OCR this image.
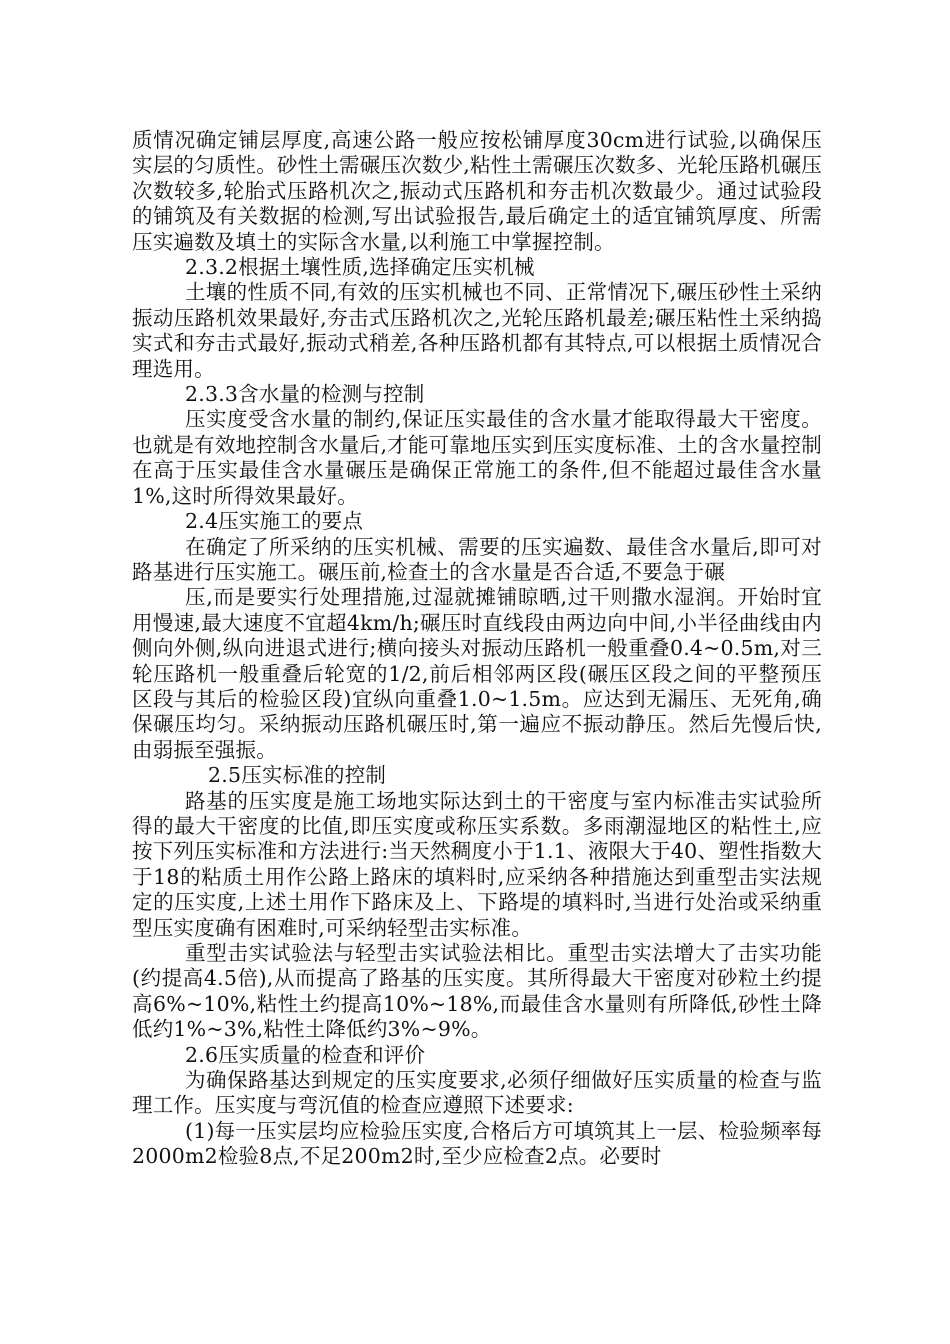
质情况确定铺层厚度,高速公路一般应按松铺厚度30cm进行试验,以确保压实层的匀质性。砂性土需碾压次数少,粘性土需碾压次数多、光轮压路机碾压次数较多,轮胎式压路机次之,振动式压路机和夯击机次数最少。通过试验段的铺筑及有关数据的检测,写出试验报告,最后确定土的适宜铺筑厚度、所需压实遍数及填土的实际含水量,以利施工中掌握控制。

2.3.2根据土壤性质,选择确定压实机械

土壤的性质不同,有效的压实机械也不同、正常情况下,碾压砂性土采纳振动压路机效果最好,夯击式压路机次之,光轮压路机最差;碾压粘性土采纳捣实式和夯击式最好,振动式稍差,各种压路机都有其特点,可以根据土质情况合理选用。

2.3.3含水量的检测与控制

压实度受含水量的制约,保证压实最佳的含水量才能取得最大干密度。也就是有效地控制含水量后,才能可靠地压实到压实度标准、土的含水量控制在高于压实最佳含水量碾压是确保正常施工的条件,但不能超过最佳含水量1%,这时所得效果最好。

2.4压实施工的要点

在确定了所采纳的压实机械、需要的压实遍数、最佳含水量后,即可对路基进行压实施工。碾压前,检查土的含水量是否合适,不要急于碾

压,而是要实行处理措施,过湿就摊铺晾晒,过干则撒水湿润。开始时宜用慢速,最大速度不宜超4km/h;碾压时直线段由两边向中间,小半径曲线由内侧向外侧,纵向进退式进行;横向接头对振动压路机一般重叠0.4~0.5m,对三轮压路机一般重叠后轮宽的1/2,前后相邻两区段(碾压区段之间的平整预压区段与其后的检验区段)宜纵向重叠1.0~1.5m。应达到无漏压、无死角,确保碾压均匀。采纳振动压路机碾压时,第一遍应不振动静压。然后先慢后快,由弱振至强振。

2.5压实标准的控制

路基的压实度是施工场地实际达到土的干密度与室内标准击实试验所得的最大干密度的比值,即压实度或称压实系数。多雨潮湿地区的粘性土,应按下列压实标准和方法进行:当天然稠度小于1.1、液限大于40、塑性指数大于18的粘质土用作公路上路床的填料时,应采纳各种措施达到重型击实法规定的压实度,上述土用作下路床及上、下路堤的填料时,当进行处治或采纳重型压实度确有困难时,可采纳轻型击实标准。

重型击实试验法与轻型击实试验法相比。重型击实法增大了击实功能(约提高4.5倍),从而提高了路基的压实度。其所得最大干密度对砂粒土约提高6%~10%,粘性土约提高10%~18%,而最佳含水量则有所降低,砂性土降低约1%~3%,粘性土降低约3%~9%。

2.6压实质量的检查和评价

为确保路基达到规定的压实度要求,必须仔细做好压实质量的检查与监理工作。压实度与弯沉值的检查应遵照下述要求:

(1)每一压实层均应检验压实度,合格后方可填筑其上一层、检验频率每2000m2检验8点,不足200m2时,至少应检查2点。必要时
